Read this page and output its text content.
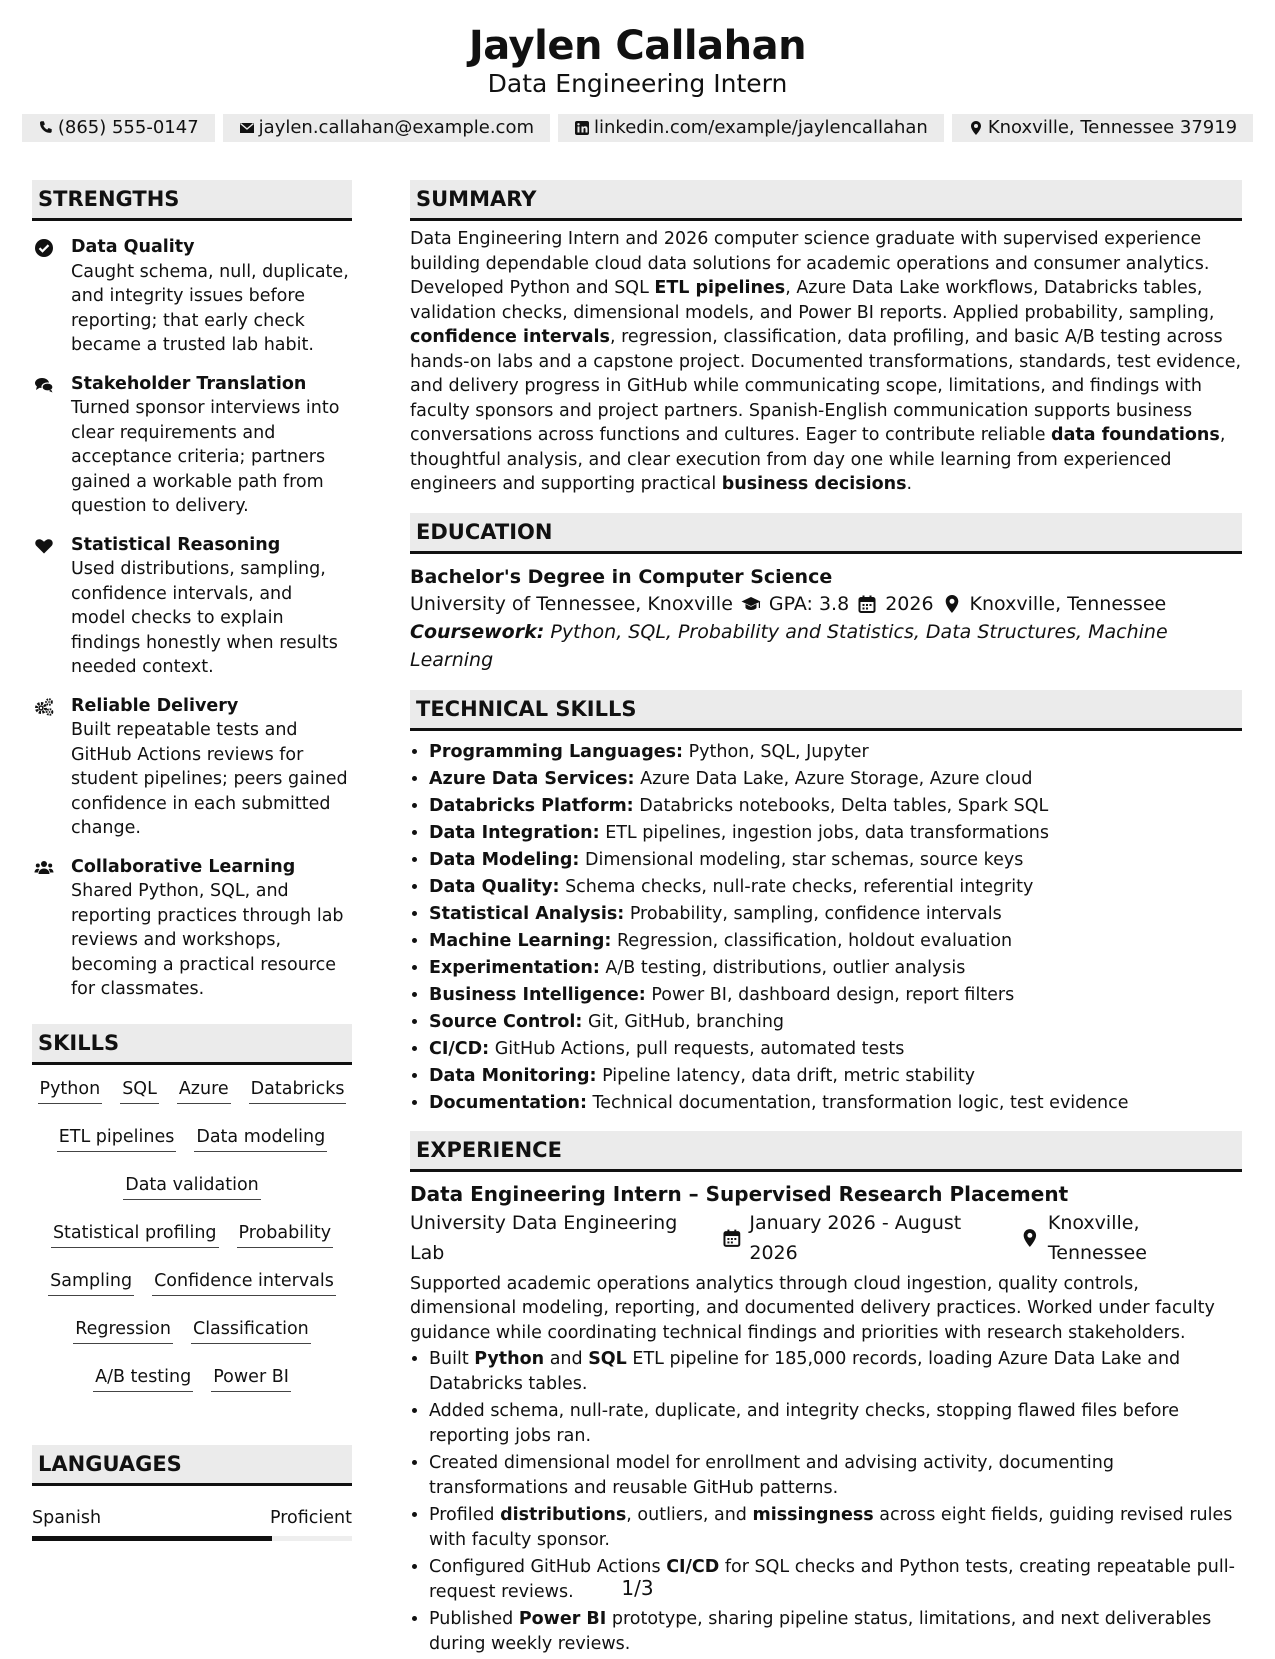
Jaylen Callahan
Data Engineering Intern
(865) 555-0147	jaylen.callahan@example.com	linkedin.com/example/jaylencallahan	Knoxville, Tennessee 37919
STRENGTHS
Data Quality
Caught schema, null, duplicate, and integrity issues before reporting; that early check became a trusted lab habit.
Stakeholder Translation
Turned sponsor interviews into clear requirements and acceptance criteria; partners gained a workable path from question to delivery.
Statistical Reasoning
Used distributions, sampling, confidence intervals, and model checks to explain findings honestly when results needed context.
Reliable Delivery
Built repeatable tests and GitHub Actions reviews for student pipelines; peers gained confidence in each submitted change.
Collaborative Learning
Shared Python, SQL, and reporting practices through lab reviews and workshops, becoming a practical resource for classmates.
SKILLS
Python SQL Azure Databricks
ETL pipelines Data modeling
Data validation
Statistical profiling Probability
Sampling Confidence intervals
Regression Classification
A/B testing Power BI
LANGUAGES
Spanish	Proficient
SUMMARY
Data Engineering Intern and 2026 computer science graduate with supervised experience building dependable cloud data solutions for academic operations and consumer analytics. Developed Python and SQL ETL pipelines, Azure Data Lake workflows, Databricks tables, validation checks, dimensional models, and Power BI reports. Applied probability, sampling, confidence intervals, regression, classification, data profiling, and basic A/B testing across hands-on labs and a capstone project. Documented transformations, standards, test evidence, and delivery progress in GitHub while communicating scope, limitations, and findings with faculty sponsors and project partners. Spanish-English communication supports business conversations across functions and cultures. Eager to contribute reliable data foundations, thoughtful analysis, and clear execution from day one while learning from experienced engineers and supporting practical business decisions.
EDUCATION
Bachelor's Degree in Computer Science
University of Tennessee, Knoxville GPA: 3.8 2026 Knoxville, Tennessee
Coursework: Python, SQL, Probability and Statistics, Data Structures, Machine Learning
TECHNICAL SKILLS
• Programming Languages: Python, SQL, Jupyter
• Azure Data Services: Azure Data Lake, Azure Storage, Azure cloud
• Databricks Platform: Databricks notebooks, Delta tables, Spark SQL
• Data Integration: ETL pipelines, ingestion jobs, data transformations
• Data Modeling: Dimensional modeling, star schemas, source keys
• Data Quality: Schema checks, null-rate checks, referential integrity
• Statistical Analysis: Probability, sampling, confidence intervals
• Machine Learning: Regression, classification, holdout evaluation
• Experimentation: A/B testing, distributions, outlier analysis
• Business Intelligence: Power BI, dashboard design, report filters
• Source Control: Git, GitHub, branching
• CI/CD: GitHub Actions, pull requests, automated tests
• Data Monitoring: Pipeline latency, data drift, metric stability
• Documentation: Technical documentation, transformation logic, test evidence
EXPERIENCE
Data Engineering Intern – Supervised Research Placement
University Data Engineering Lab
January 2026 - August 2026
Knoxville, Tennessee
Supported academic operations analytics through cloud ingestion, quality controls, dimensional modeling, reporting, and documented delivery practices. Worked under faculty guidance while coordinating technical findings and priorities with research stakeholders.
• Built Python and SQL ETL pipeline for 185,000 records, loading Azure Data Lake and Databricks tables.
• Added schema, null-rate, duplicate, and integrity checks, stopping flawed files before reporting jobs ran.
• Created dimensional model for enrollment and advising activity, documenting transformations and reusable GitHub patterns.
• Profiled distributions, outliers, and missingness across eight fields, guiding revised rules with faculty sponsor.
• Configured GitHub Actions CI/CD for SQL checks and Python tests, creating repeatable pull-request reviews.
• Published Power BI prototype, sharing pipeline status, limitations, and next deliverables during weekly reviews.
1/3
